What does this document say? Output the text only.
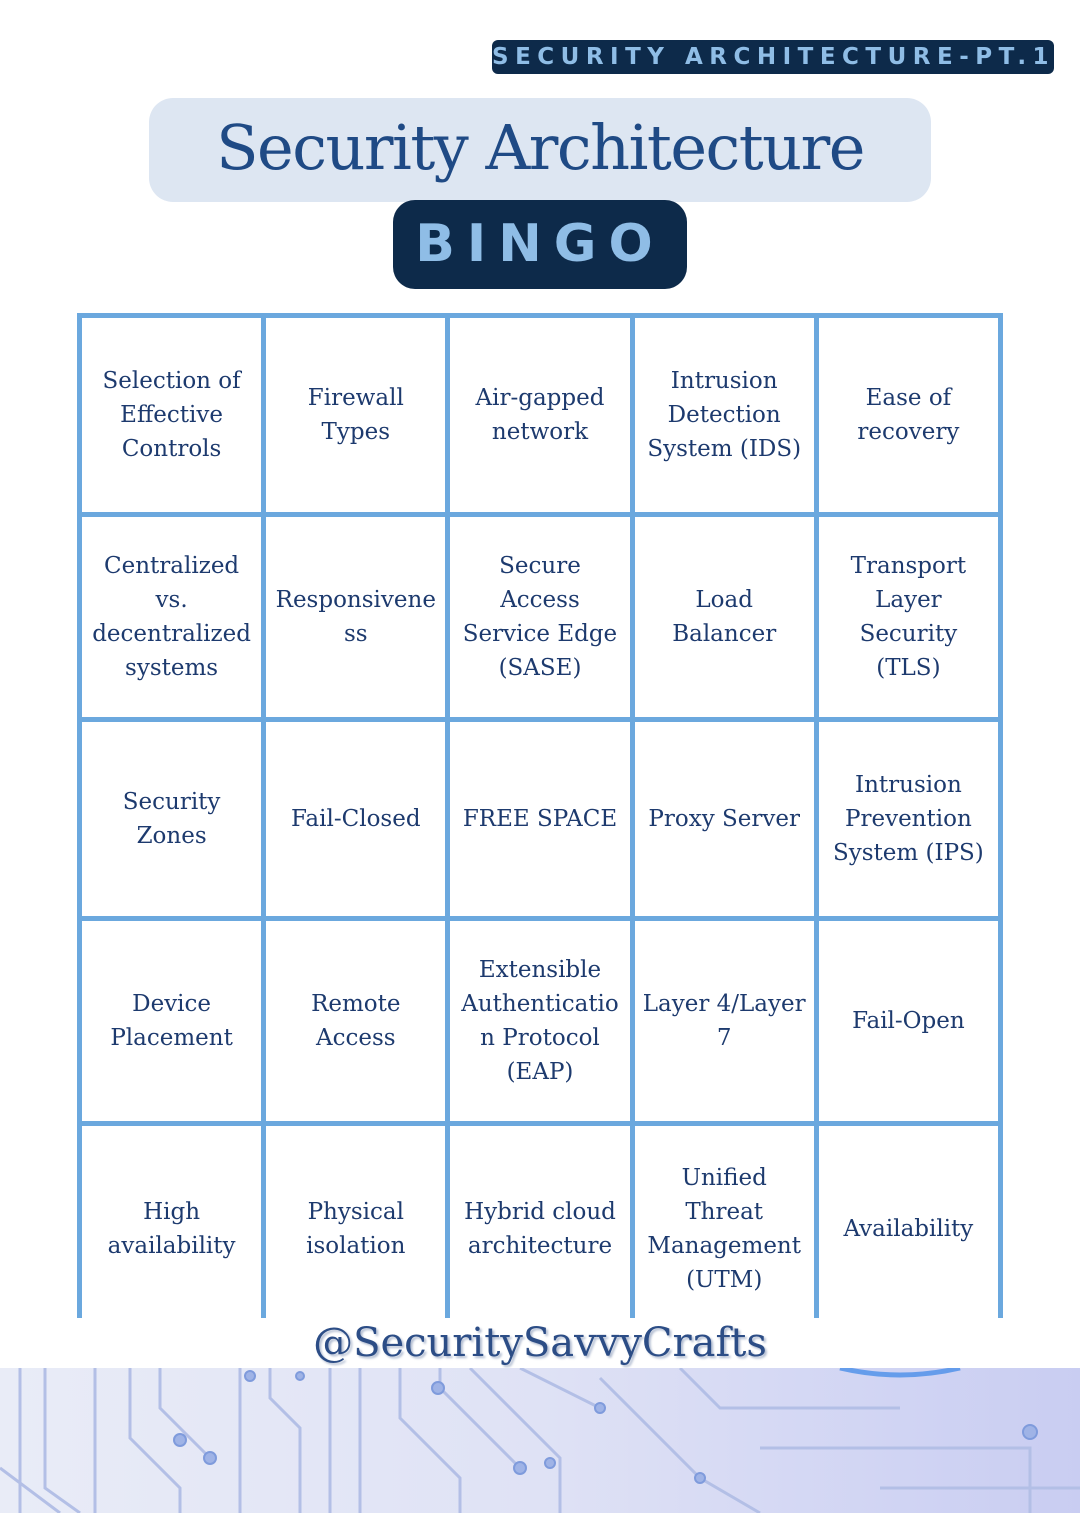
SECURITY ARCHITECTURE-PT.1
Security Architecture
BINGO
Selection of Effective Controls
Firewall Types
Air-gapped network
Intrusion Detection System (IDS)
Ease of recovery
Centralized vs. decentralized systems
Responsivene ss
Secure Access Service Edge (SASE)
Load Balancer
Transport Layer Security (TLS)
Security Zones
Fail-Closed FREE SPACE Proxy Server
Intrusion Prevention System (IPS)
Device Placement
Remote Access
Extensible Authenticatio n Protocol (EAP)
Layer 4/Layer 7
Fail-Open
High availability
Physical isolation
Hybrid cloud architecture
Unified Threat Management (UTM)
Availability
@SecuritySavvyCrafts
